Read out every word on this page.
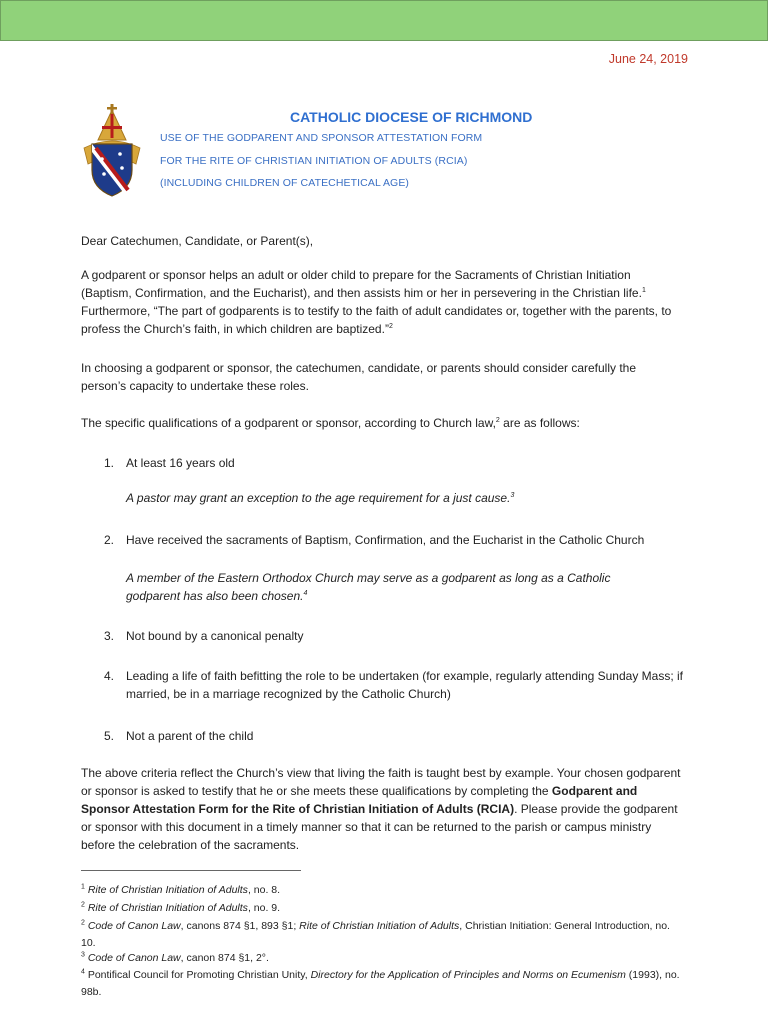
June 24, 2019
CATHOLIC DIOCESE OF RICHMOND
USE OF THE GODPARENT AND SPONSOR ATTESTATION FORM
FOR THE RITE OF CHRISTIAN INITIATION OF ADULTS (RCIA)
(INCLUDING CHILDREN OF CATECHETICAL AGE)
Dear Catechumen, Candidate, or Parent(s),

A godparent or sponsor helps an adult or older child to prepare for the Sacraments of Christian Initiation (Baptism, Confirmation, and the Eucharist), and then assists him or her in persevering in the Christian life.$^1$ Furthermore, “The part of godparents is to testify to the faith of adult candidates or, together with the parents, to profess the Church’s faith, in which children are baptized.”$^2$

In choosing a godparent or sponsor, the catechumen, candidate, or parents should consider carefully the person’s capacity to undertake these roles.
The specific qualifications of a godparent or sponsor, according to Church law,$^2$ are as follows:
1. At least 16 years old
A pastor may grant an exception to the age requirement for a just cause.$^3$
2. Have received the sacraments of Baptism, Confirmation, and the Eucharist in the Catholic Church
A member of the Eastern Orthodox Church may serve as a godparent as long as a Catholic godparent has also been chosen.$^4$
3. Not bound by a canonical penalty
4. Leading a life of faith befitting the role to be undertaken (for example, regularly attending Sunday Mass; if married, be in a marriage recognized by the Catholic Church)
5. Not a parent of the child
The above criteria reflect the Church’s view that living the faith is taught best by example. Your chosen godparent or sponsor is asked to testify that he or she meets these qualifications by completing the Godparent and Sponsor Attestation Form for the Rite of Christian Initiation of Adults (RCIA). Please provide the godparent or sponsor with this document in a timely manner so that it can be returned to the parish or campus ministry before the celebration of the sacraments.
$^1$ Rite of Christian Initiation of Adults, no. 8.
$^2$ Rite of Christian Initiation of Adults, no. 9.
$^2$ Code of Canon Law, canons 874 §1, 893 §1; Rite of Christian Initiation of Adults, Christian Initiation: General Introduction, no. 10.
$^3$ Code of Canon Law, canon 874 §1, 2°.
$^4$ Pontifical Council for Promoting Christian Unity, Directory for the Application of Principles and Norms on Ecumenism (1993), no. 98b.
